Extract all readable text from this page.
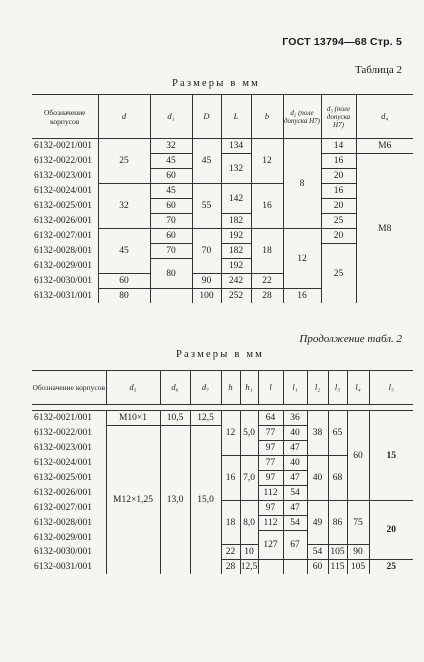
ГОСТ 13794—68 Стр. 5
Таблица 2
Размеры в мм
Обозначение корпусов	d	d₁	D	L	b	d₂ (поле допуска H7)	d₃ (поле допуска H7)	d₄
6132-0021/001	25	32	45	134	12	8	14	M6
6132-0022/001		45		132			16	M8
6132-0023/001		60					20	
6132-0024/001	32	45	55	142	16		16	
6132-0025/001		60					20	
6132-0026/001		70		182			25	
6132-0027/001	45	60	70	192	18	12	20	
6132-0028/001		70		182			25	
6132-0029/001		80		192				
6132-0030/001	60		90	242	22			
6132-0031/001	80		100	252	28	16		
Продолжение табл. 2
Размеры в мм
Обозначение корпусов	d₅	d₆	d₇	h	h₁	l	l₁	l₂	l₃	l₄	l₅

6132-0021/001	M10×1	10,5	12,5	12	5,0	64	36	38	65	60	15
6132-0022/001	M12×1,25	13,0	15,0			77	40				
6132-0023/001						97	47				
6132-0024/001				16	7,0	77	40	40	68		
6132-0025/001						97	47				
6132-0026/001						112	54				
6132-0027/001				18	8,0	97	47	49	86	75	20
6132-0028/001						112	54				
6132-0029/001						127	67				
6132-0030/001				22	10			54	105	90	
6132-0031/001				28	12,5			60	115	105	25
